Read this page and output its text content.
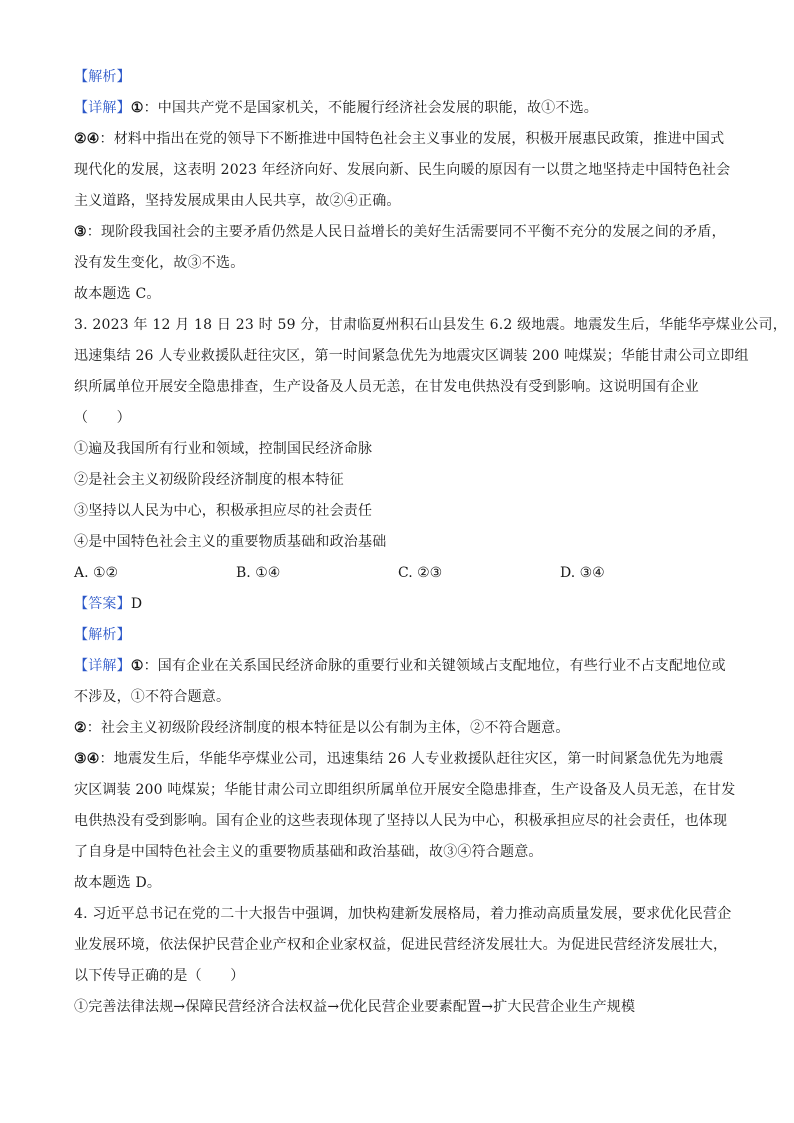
【解析】
【详解】①：中国共产党不是国家机关，不能履行经济社会发展的职能，故①不选。
②④：材料中指出在党的领导下不断推进中国特色社会主义事业的发展，积极开展惠民政策，推进中国式
现代化的发展，这表明 2023 年经济向好、发展向新、民生向暖的原因有一以贯之地坚持走中国特色社会
主义道路，坚持发展成果由人民共享，故②④正确。
③：现阶段我国社会的主要矛盾仍然是人民日益增长的美好生活需要同不平衡不充分的发展之间的矛盾，
没有发生变化，故③不选。
故本题选 C。
3. 2023 年 12 月 18 日 23 时 59 分，甘肃临夏州积石山县发生 6.2 级地震。地震发生后，华能华亭煤业公司，
迅速集结 26 人专业救援队赶往灾区，第一时间紧急优先为地震灾区调装 200 吨煤炭；华能甘肃公司立即组
织所属单位开展安全隐患排查，生产设备及人员无恙，在甘发电供热没有受到影响。这说明国有企业
（　　）
①遍及我国所有行业和领域，控制国民经济命脉
②是社会主义初级阶段经济制度的根本特征
③坚持以人民为中心，积极承担应尽的社会责任
④是中国特色社会主义的重要物质基础和政治基础
A. ①②	B. ①④	C. ②③	D. ③④
【答案】D
【解析】
【详解】①：国有企业在关系国民经济命脉的重要行业和关键领域占支配地位，有些行业不占支配地位或
不涉及，①不符合题意。
②：社会主义初级阶段经济制度的根本特征是以公有制为主体，②不符合题意。
③④：地震发生后，华能华亭煤业公司，迅速集结 26 人专业救援队赶往灾区，第一时间紧急优先为地震
灾区调装 200 吨煤炭；华能甘肃公司立即组织所属单位开展安全隐患排查，生产设备及人员无恙，在甘发
电供热没有受到影响。国有企业的这些表现体现了坚持以人民为中心，积极承担应尽的社会责任，也体现
了自身是中国特色社会主义的重要物质基础和政治基础，故③④符合题意。
故本题选 D。
4. 习近平总书记在党的二十大报告中强调，加快构建新发展格局，着力推动高质量发展，要求优化民营企
业发展环境，依法保护民营企业产权和企业家权益，促进民营经济发展壮大。为促进民营经济发展壮大，
以下传导正确的是（　　）
①完善法律法规→保障民营经济合法权益→优化民营企业要素配置→扩大民营企业生产规模
